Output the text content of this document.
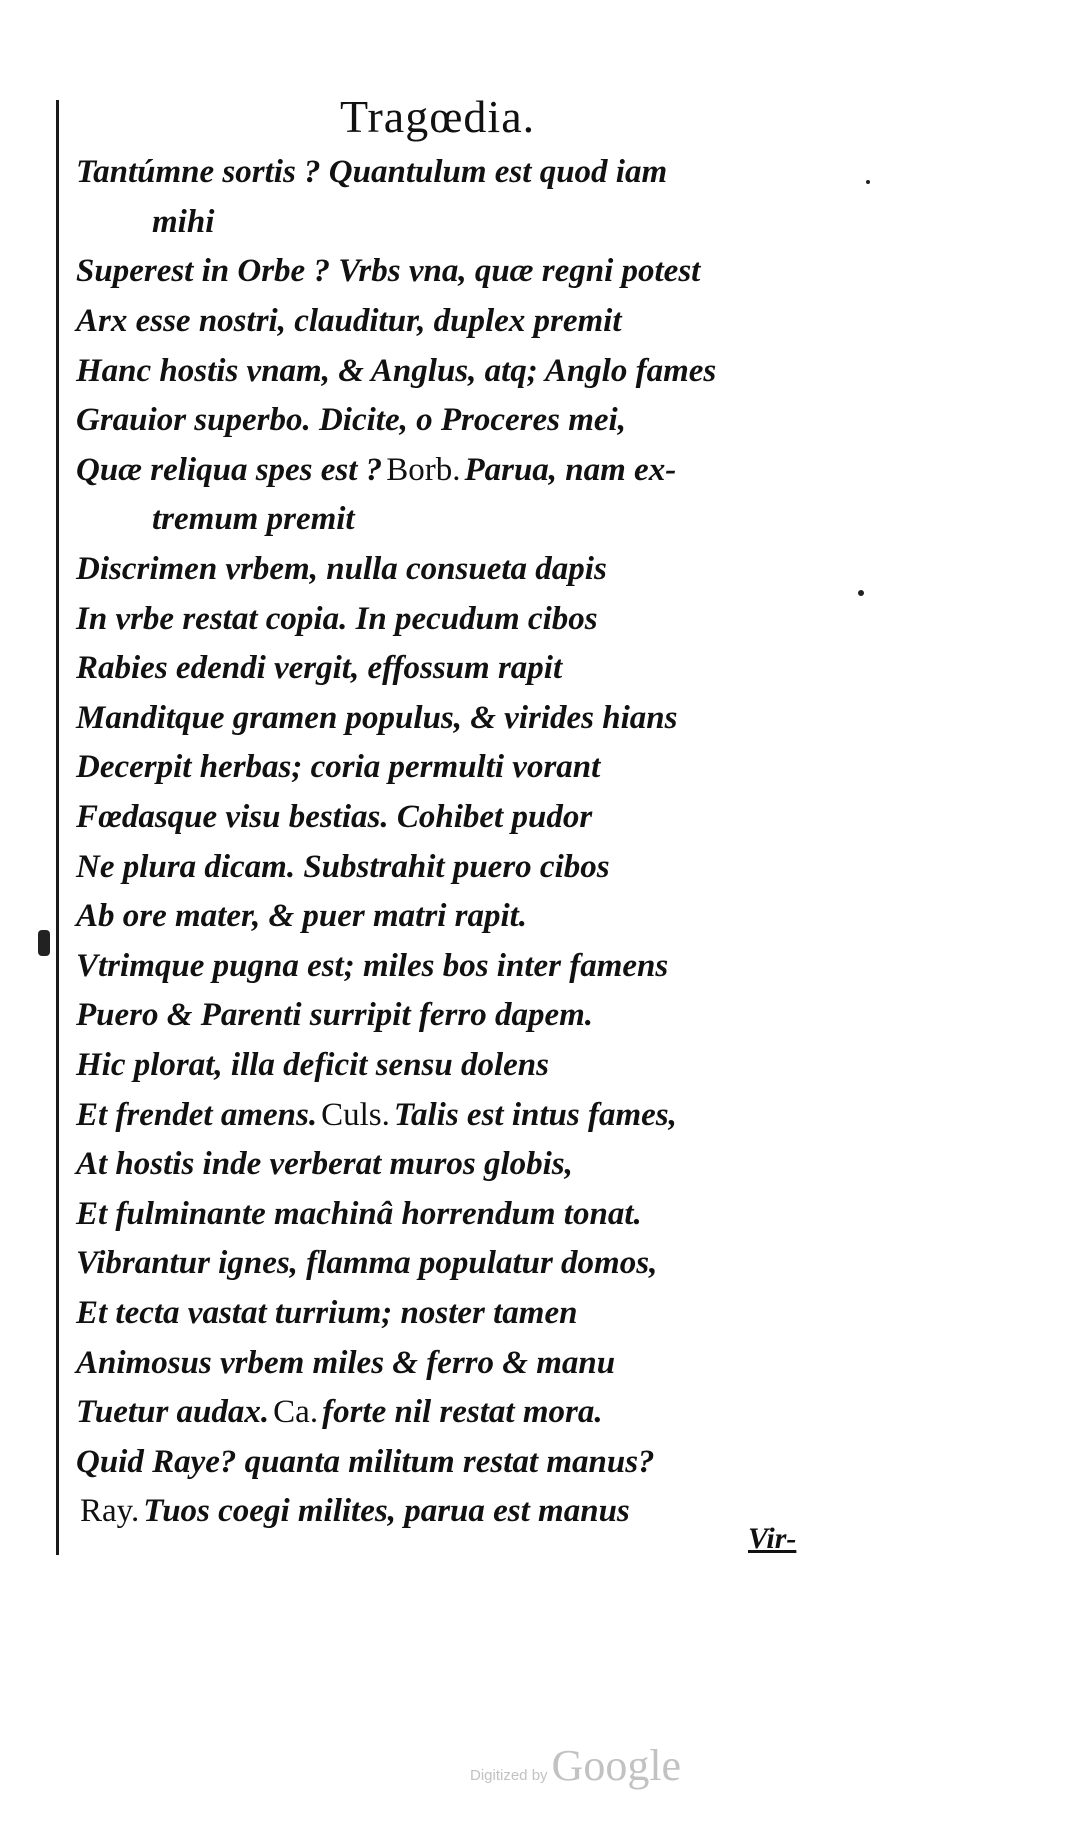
Tragœdia.
Tantúmne sortis ? Quantulum est quod iam
mihi
Superest in Orbe ? Vrbs vna, quæ regni potest
Arx esse nostri, clauditur, duplex premit
Hanc hostis vnam, & Anglus, atq; Anglo fames
Grauior superbo. Dicite, o Proceres mei,
Quæ reliqua spes est ? Borb. Parua, nam ex-
tremum premit
Discrimen vrbem, nulla consueta dapis
In vrbe restat copia. In pecudum cibos
Rabies edendi vergit, effossum rapit
Manditque gramen populus, & virides hians
Decerpit herbas; coria permulti vorant
Fœdasque visu bestias. Cohibet pudor
Ne plura dicam. Substrahit puero cibos
Ab ore mater, & puer matri rapit.
Vtrimque pugna est; miles bos inter famens
Puero & Parenti surripit ferro dapem.
Hic plorat, illa deficit sensu dolens
Et frendet amens. Culs. Talis est intus fames,
At hostis inde verberat muros globis,
Et fulminante machinâ horrendum tonat.
Vibrantur ignes, flamma populatur domos,
Et tecta vastat turrium; noster tamen
Animosus vrbem miles & ferro & manu
Tuetur audax. Ca. forte nil restat mora.
Quid Raye? quanta militum restat manus?
Ray. Tuos coegi milites, parua est manus
Vir-
Digitized by Google
